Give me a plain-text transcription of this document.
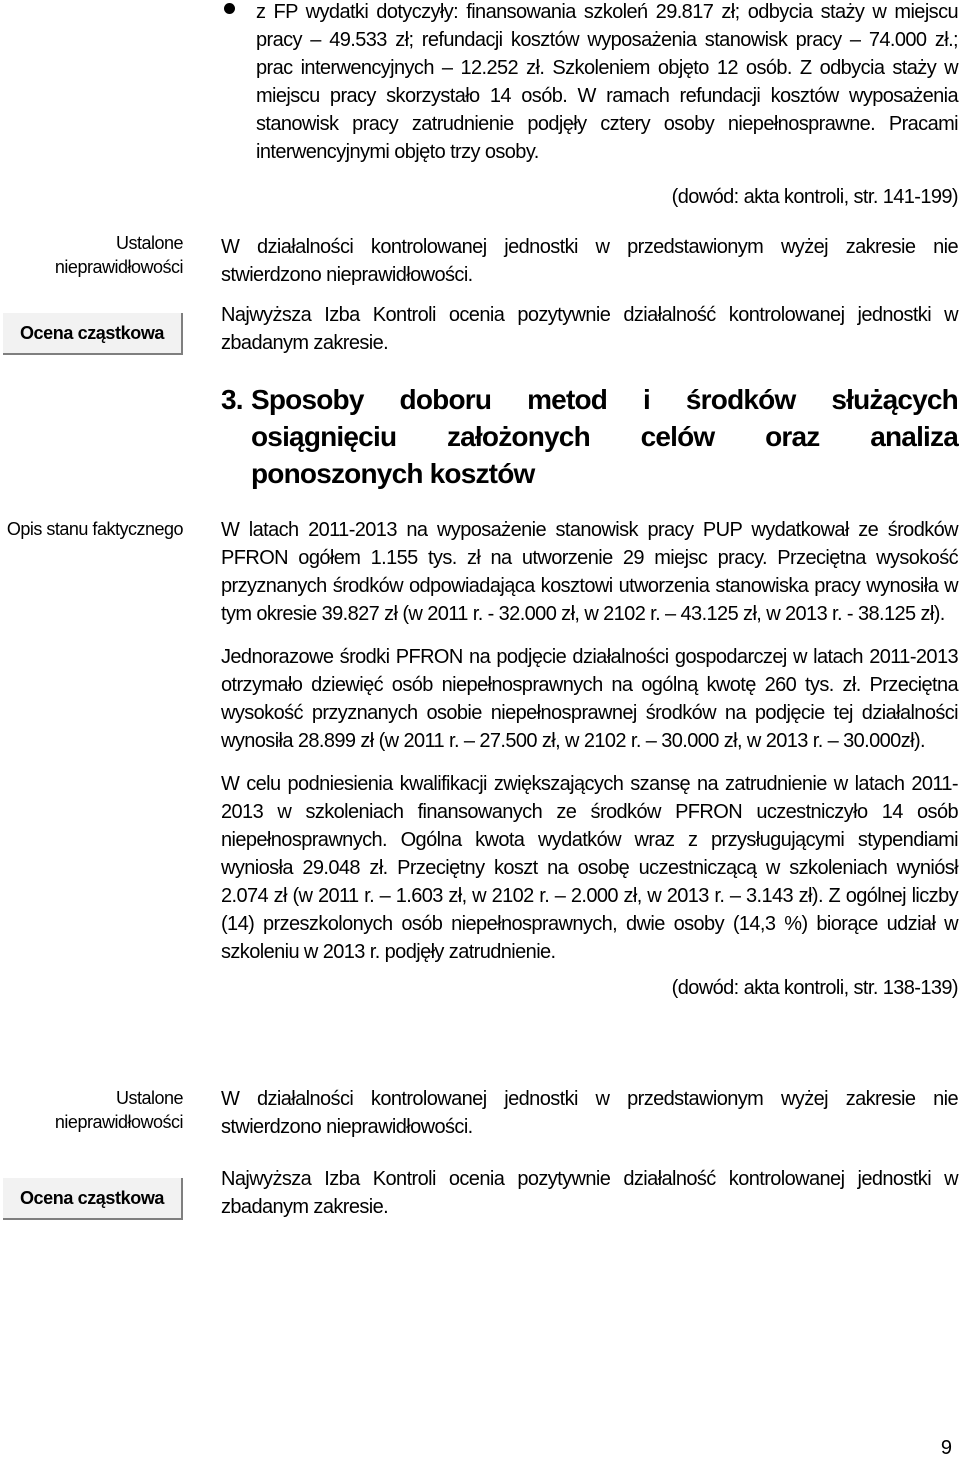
z FP wydatki dotyczyły: finansowania szkoleń 29.817 zł; odbycia staży w miejscu pracy – 49.533 zł; refundacji kosztów wyposażenia stanowisk pracy – 74.000 zł.; prac interwencyjnych – 12.252 zł. Szkoleniem objęto 12 osób. Z odbycia staży w miejscu pracy skorzystało 14 osób. W ramach refundacji kosztów wyposażenia stanowisk pracy zatrudnienie podjęły cztery osoby niepełnosprawne. Pracami interwencyjnymi objęto trzy osoby.
(dowód: akta kontroli, str. 141-199)
Ustalone nieprawidłowości
W działalności kontrolowanej jednostki w przedstawionym wyżej zakresie nie stwierdzono nieprawidłowości.
Ocena cząstkowa
Najwyższa Izba Kontroli ocenia pozytywnie działalność kontrolowanej jednostki w zbadanym zakresie.
3. Sposoby doboru metod i środków służących osiągnięciu założonych celów oraz analiza ponoszonych kosztów
Opis stanu faktycznego W latach 2011-2013 na wyposażenie stanowisk pracy PUP wydatkował ze środków PFRON ogółem 1.155 tys. zł na utworzenie 29 miejsc pracy. Przeciętna wysokość przyznanych środków odpowiadająca kosztowi utworzenia stanowiska pracy wynosiła w tym okresie 39.827 zł (w 2011 r. - 32.000 zł, w 2102 r. – 43.125 zł, w 2013 r. - 38.125 zł).

Jednorazowe środki PFRON na podjęcie działalności gospodarczej w latach 2011-2013 otrzymało dziewięć osób niepełnosprawnych na ogólną kwotę 260 tys. zł. Przeciętna wysokość przyznanych osobie niepełnosprawnej środków na podjęcie tej działalności wynosiła 28.899 zł (w 2011 r. – 27.500 zł, w 2102 r. – 30.000 zł, w 2013 r. – 30.000zł).

W celu podniesienia kwalifikacji zwiększających szansę na zatrudnienie w latach 2011-2013 w szkoleniach finansowanych ze środków PFRON uczestniczyło 14 osób niepełnosprawnych. Ogólna kwota wydatków wraz z przysługującymi stypendiami wyniosła 29.048 zł. Przeciętny koszt na osobę uczestniczącą w szkoleniach wyniósł 2.074 zł (w 2011 r. – 1.603 zł, w 2102 r. – 2.000 zł, w 2013 r. – 3.143 zł). Z ogólnej liczby (14) przeszkolonych osób niepełnosprawnych, dwie osoby (14,3 %) biorące udział w szkoleniu w 2013 r. podjęły zatrudnienie.

(dowód: akta kontroli, str. 138-139)

Ustalone nieprawidłowości
W działalności kontrolowanej jednostki w przedstawionym wyżej zakresie nie stwierdzono nieprawidłowości.
Ocena cząstkowa
Najwyższa Izba Kontroli ocenia pozytywnie działalność kontrolowanej jednostki w zbadanym zakresie.
9
